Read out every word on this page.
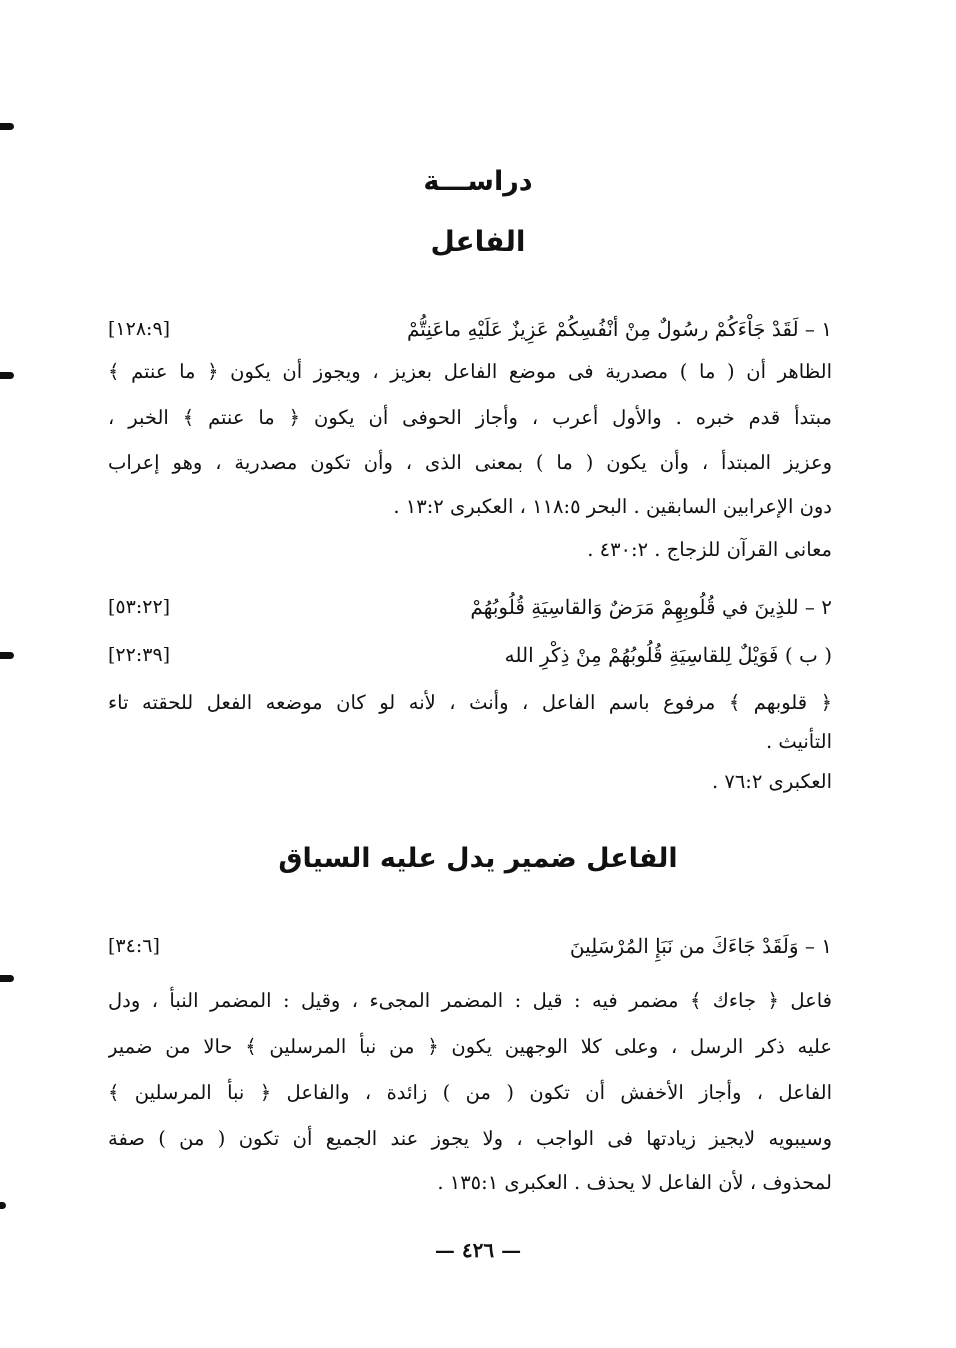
دراســـة
الفاعل
١ – لَقَدْ جَاْءَكُمْ رسُولٌ مِنْ أنْفُسِكُمْ عَزِيزٌ عَلَيْهِ ماعَنِتُّمْ
[١٢٨:٩]
الظاهر أن ( ما ) مصدرية فى موضع الفاعل بعزيز ، ويجوز أن يكون ﴿ ما عنتم ﴾
مبتدأ قدم خبره . والأول أعرب ، وأجاز الحوفى أن يكون ﴿ ما عنتم ﴾ الخبر ،
وعزيز المبتدأ ، وأن يكون ( ما ) بمعنى الذى ، وأن تكون مصدرية ، وهو إعراب
دون الإعرابين السابقين . البحر ١١٨:٥ ، العكبرى ١٣:٢ .
معانى القرآن للزجاج . ٤٣٠:٢ .
٢ – للذِينَ في قُلُوبِهِمْ مَرَضٌ وَالقاسِيَةِ قُلُوبُهُمْ
[٥٣:٢٢]
( ب ) فَوَيْلٌ لِلقاسِيَةِ قُلُوبُهُمْ مِنْ ذِكْرِ الله
[٢٢:٣٩]
﴿ قلوبهم ﴾ مرفوع باسم الفاعل ، وأنث ، لأنه لو كان موضعه الفعل للحقته تاء
التأنيث .
العكبرى ٧٦:٢ .
الفاعل ضمير يدل عليه السياق
١ – وَلَقَدْ جَاءَكَ من نَبَإِ المُرْسَلِينَ
[٣٤:٦]
فاعل ﴿ جاءك ﴾ مضمر فيه : قيل : المضمر المجىء ، وقيل : المضمر النبأ ، ودل
عليه ذكر الرسل ، وعلى كلا الوجهين يكون ﴿ من نبأ المرسلين ﴾ حالا من ضمير
الفاعل ، وأجاز الأخفش أن تكون ( من ) زائدة ، والفاعل ﴿ نبأ المرسلين ﴾
وسيبويه لايجيز زيادتها فى الواجب ، ولا يجوز عند الجميع أن تكون ( من ) صفة
لمحذوف ، لأن الفاعل لا يحذف . العكبرى ١٣٥:١ .
— ٤٢٦ —
